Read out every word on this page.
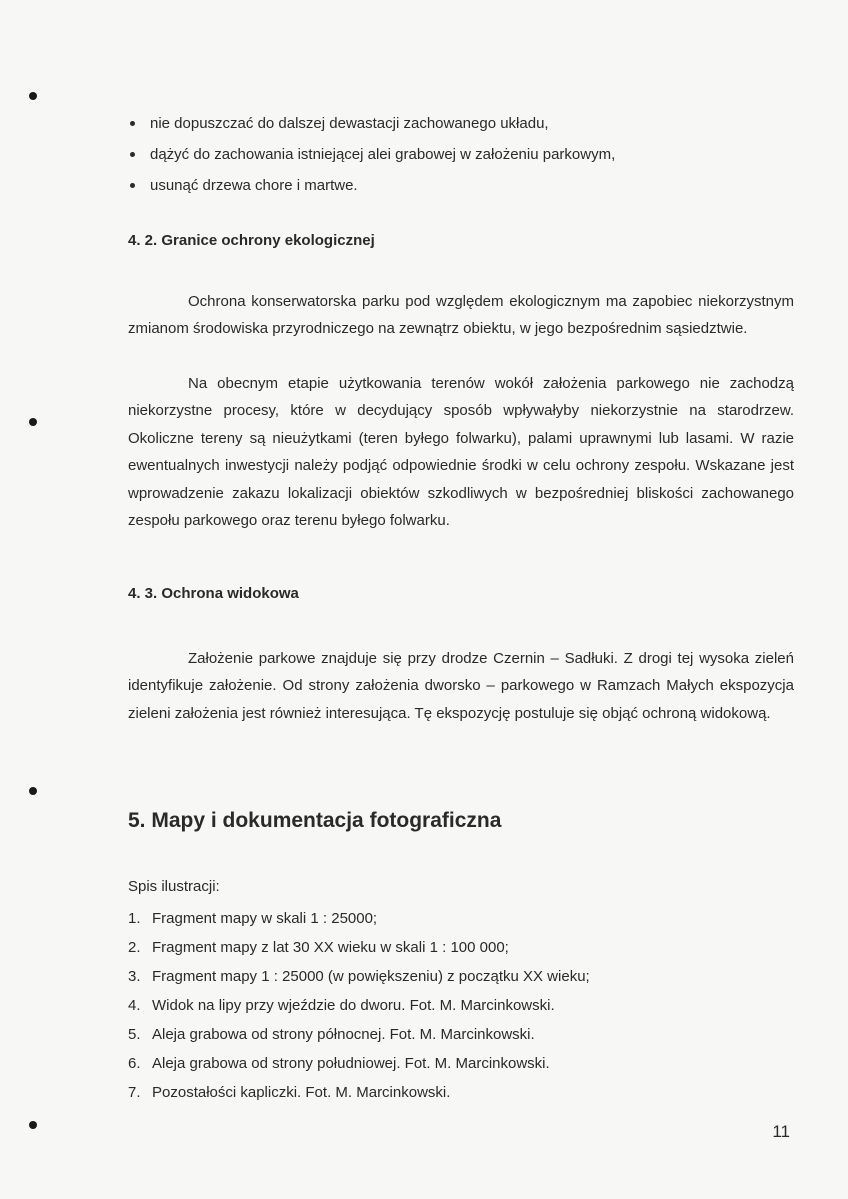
nie dopuszczać do dalszej dewastacji zachowanego układu,
dążyć do zachowania istniejącej alei grabowej w założeniu parkowym,
usunąć drzewa chore i martwe.
4. 2. Granice ochrony ekologicznej

Ochrona konserwatorska parku pod względem ekologicznym ma zapobiec niekorzystnym zmianom środowiska przyrodniczego na zewnątrz obiektu, w jego bezpośrednim sąsiedztwie.

Na obecnym etapie użytkowania terenów wokół założenia parkowego nie zachodzą niekorzystne procesy, które w decydujący sposób wpływałyby niekorzystnie na starodrzew. Okoliczne tereny są nieużytkami (teren byłego folwarku), palami uprawnymi lub lasami. W razie ewentualnych inwestycji należy podjąć odpowiednie środki w celu ochrony zespołu. Wskazane jest wprowadzenie zakazu lokalizacji obiektów szkodliwych w bezpośredniej bliskości zachowanego zespołu parkowego oraz terenu byłego folwarku.

4. 3. Ochrona widokowa

Założenie parkowe znajduje się przy drodze Czernin – Sadłuki. Z drogi tej wysoka zieleń identyfikuje założenie. Od strony założenia dworsko – parkowego w Ramzach Małych ekspozycja zieleni założenia jest również interesująca. Tę ekspozycję postuluje się objąć ochroną widokową.

5. Mapy i dokumentacja fotograficzna

Spis ilustracji:

1. Fragment mapy w skali 1 : 25000;
2. Fragment mapy z lat 30 XX wieku w skali 1 : 100 000;
3. Fragment mapy 1 : 25000 (w powiększeniu) z początku XX wieku;
4. Widok na lipy przy wjeździe do dworu. Fot. M. Marcinkowski.
5. Aleja grabowa od strony północnej. Fot. M. Marcinkowski.
6. Aleja grabowa od strony południowej. Fot. M. Marcinkowski.
7. Pozostałości kapliczki. Fot. M. Marcinkowski.
11
